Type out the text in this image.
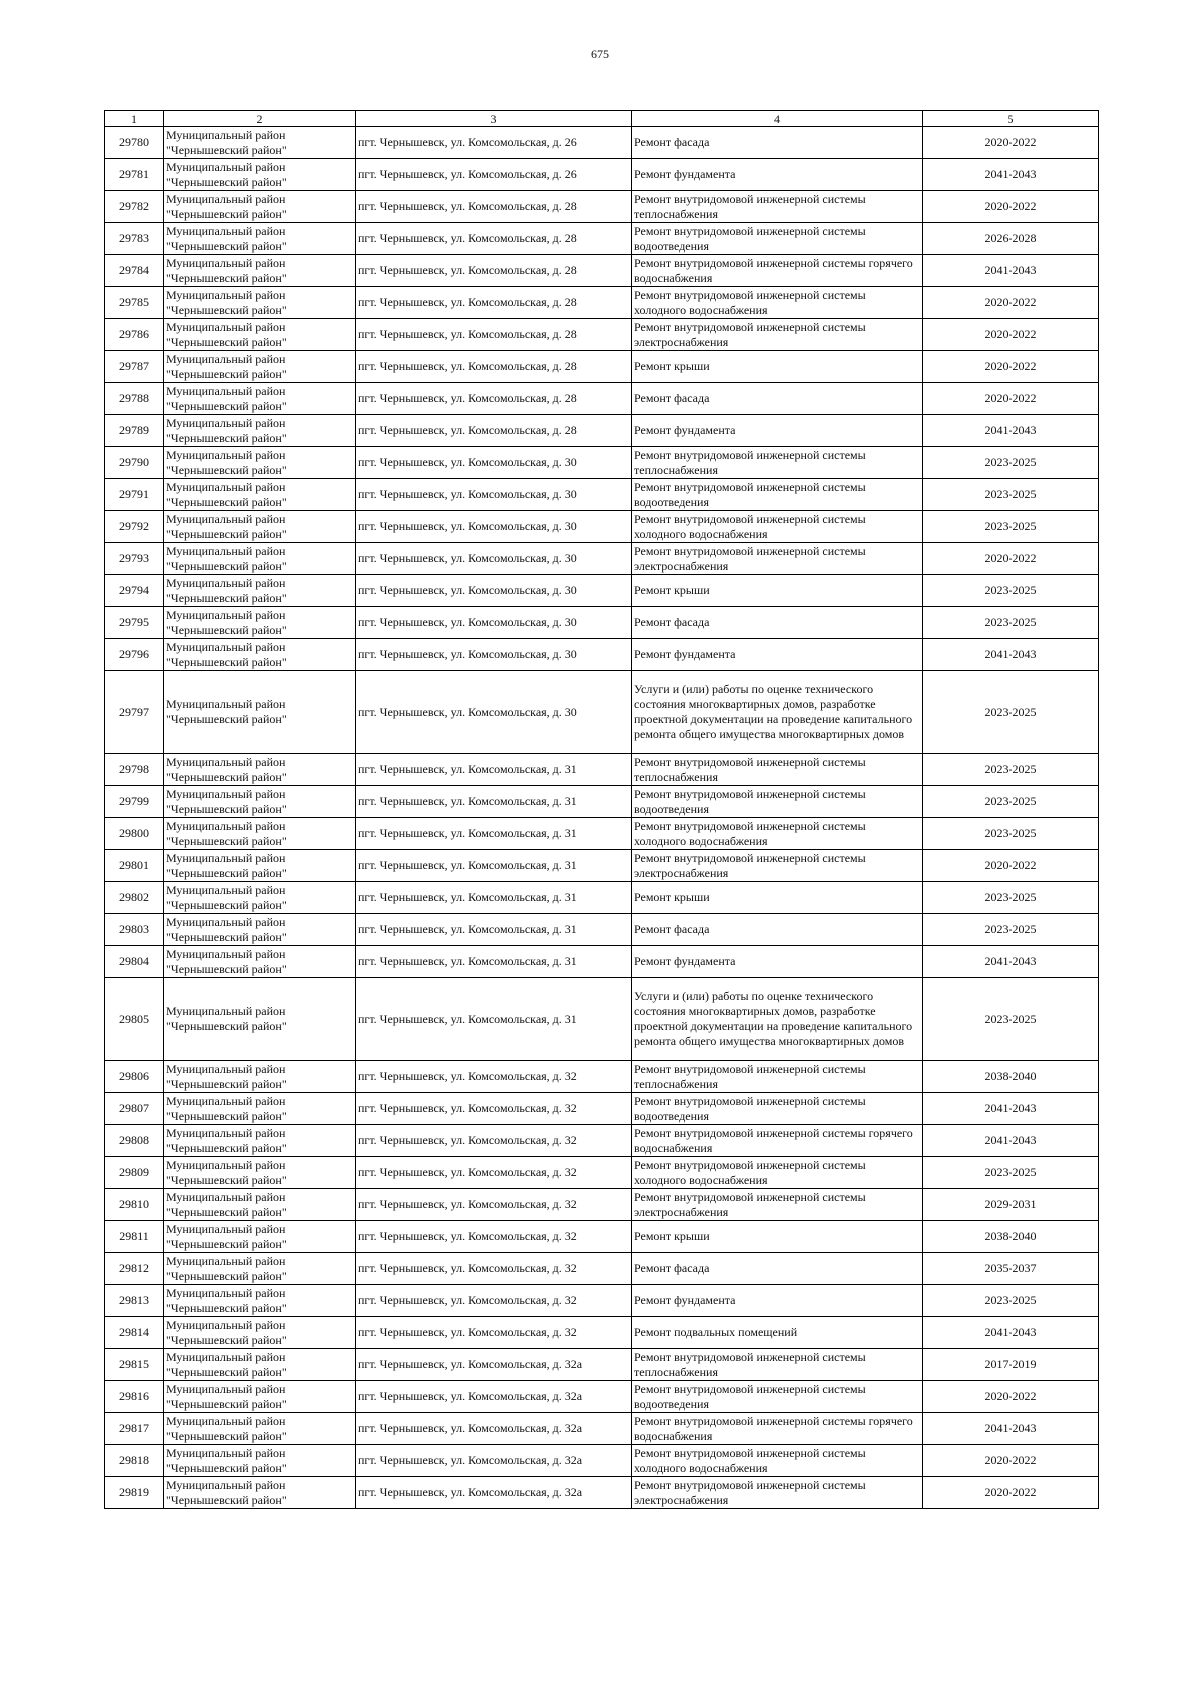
675
1	2	3	4	5
29780	Муниципальный район "Чернышевский район"	пгт. Чернышевск, ул. Комсомольская, д. 26	Ремонт фасада	2020-2022
29781	Муниципальный район "Чернышевский район"	пгт. Чернышевск, ул. Комсомольская, д. 26	Ремонт фундамента	2041-2043
29782	Муниципальный район "Чернышевский район"	пгт. Чернышевск, ул. Комсомольская, д. 28	Ремонт внутридомовой инженерной системы теплоснабжения	2020-2022
29783	Муниципальный район "Чернышевский район"	пгт. Чернышевск, ул. Комсомольская, д. 28	Ремонт внутридомовой инженерной системы водоотведения	2026-2028
29784	Муниципальный район "Чернышевский район"	пгт. Чернышевск, ул. Комсомольская, д. 28	Ремонт внутридомовой инженерной системы горячего водоснабжения	2041-2043
29785	Муниципальный район "Чернышевский район"	пгт. Чернышевск, ул. Комсомольская, д. 28	Ремонт внутридомовой инженерной системы холодного водоснабжения	2020-2022
29786	Муниципальный район "Чернышевский район"	пгт. Чернышевск, ул. Комсомольская, д. 28	Ремонт внутридомовой инженерной системы электроснабжения	2020-2022
29787	Муниципальный район "Чернышевский район"	пгт. Чернышевск, ул. Комсомольская, д. 28	Ремонт крыши	2020-2022
29788	Муниципальный район "Чернышевский район"	пгт. Чернышевск, ул. Комсомольская, д. 28	Ремонт фасада	2020-2022
29789	Муниципальный район "Чернышевский район"	пгт. Чернышевск, ул. Комсомольская, д. 28	Ремонт фундамента	2041-2043
29790	Муниципальный район "Чернышевский район"	пгт. Чернышевск, ул. Комсомольская, д. 30	Ремонт внутридомовой инженерной системы теплоснабжения	2023-2025
29791	Муниципальный район "Чернышевский район"	пгт. Чернышевск, ул. Комсомольская, д. 30	Ремонт внутридомовой инженерной системы водоотведения	2023-2025
29792	Муниципальный район "Чернышевский район"	пгт. Чернышевск, ул. Комсомольская, д. 30	Ремонт внутридомовой инженерной системы холодного водоснабжения	2023-2025
29793	Муниципальный район "Чернышевский район"	пгт. Чернышевск, ул. Комсомольская, д. 30	Ремонт внутридомовой инженерной системы электроснабжения	2020-2022
29794	Муниципальный район "Чернышевский район"	пгт. Чернышевск, ул. Комсомольская, д. 30	Ремонт крыши	2023-2025
29795	Муниципальный район "Чернышевский район"	пгт. Чернышевск, ул. Комсомольская, д. 30	Ремонт фасада	2023-2025
29796	Муниципальный район "Чернышевский район"	пгт. Чернышевск, ул. Комсомольская, д. 30	Ремонт фундамента	2041-2043
29797	Муниципальный район "Чернышевский район"	пгт. Чернышевск, ул. Комсомольская, д. 30	Услуги и (или) работы по оценке технического состояния многоквартирных домов, разработке проектной документации на проведение капитального ремонта общего имущества многоквартирных домов	2023-2025
29798	Муниципальный район "Чернышевский район"	пгт. Чернышевск, ул. Комсомольская, д. 31	Ремонт внутридомовой инженерной системы теплоснабжения	2023-2025
29799	Муниципальный район "Чернышевский район"	пгт. Чернышевск, ул. Комсомольская, д. 31	Ремонт внутридомовой инженерной системы водоотведения	2023-2025
29800	Муниципальный район "Чернышевский район"	пгт. Чернышевск, ул. Комсомольская, д. 31	Ремонт внутридомовой инженерной системы холодного водоснабжения	2023-2025
29801	Муниципальный район "Чернышевский район"	пгт. Чернышевск, ул. Комсомольская, д. 31	Ремонт внутридомовой инженерной системы электроснабжения	2020-2022
29802	Муниципальный район "Чернышевский район"	пгт. Чернышевск, ул. Комсомольская, д. 31	Ремонт крыши	2023-2025
29803	Муниципальный район "Чернышевский район"	пгт. Чернышевск, ул. Комсомольская, д. 31	Ремонт фасада	2023-2025
29804	Муниципальный район "Чернышевский район"	пгт. Чернышевск, ул. Комсомольская, д. 31	Ремонт фундамента	2041-2043
29805	Муниципальный район "Чернышевский район"	пгт. Чернышевск, ул. Комсомольская, д. 31	Услуги и (или) работы по оценке технического состояния многоквартирных домов, разработке проектной документации на проведение капитального ремонта общего имущества многоквартирных домов	2023-2025
29806	Муниципальный район "Чернышевский район"	пгт. Чернышевск, ул. Комсомольская, д. 32	Ремонт внутридомовой инженерной системы теплоснабжения	2038-2040
29807	Муниципальный район "Чернышевский район"	пгт. Чернышевск, ул. Комсомольская, д. 32	Ремонт внутридомовой инженерной системы водоотведения	2041-2043
29808	Муниципальный район "Чернышевский район"	пгт. Чернышевск, ул. Комсомольская, д. 32	Ремонт внутридомовой инженерной системы горячего водоснабжения	2041-2043
29809	Муниципальный район "Чернышевский район"	пгт. Чернышевск, ул. Комсомольская, д. 32	Ремонт внутридомовой инженерной системы холодного водоснабжения	2023-2025
29810	Муниципальный район "Чернышевский район"	пгт. Чернышевск, ул. Комсомольская, д. 32	Ремонт внутридомовой инженерной системы электроснабжения	2029-2031
29811	Муниципальный район "Чернышевский район"	пгт. Чернышевск, ул. Комсомольская, д. 32	Ремонт крыши	2038-2040
29812	Муниципальный район "Чернышевский район"	пгт. Чернышевск, ул. Комсомольская, д. 32	Ремонт фасада	2035-2037
29813	Муниципальный район "Чернышевский район"	пгт. Чернышевск, ул. Комсомольская, д. 32	Ремонт фундамента	2023-2025
29814	Муниципальный район "Чернышевский район"	пгт. Чернышевск, ул. Комсомольская, д. 32	Ремонт подвальных помещений	2041-2043
29815	Муниципальный район "Чернышевский район"	пгт. Чернышевск, ул. Комсомольская, д. 32а	Ремонт внутридомовой инженерной системы теплоснабжения	2017-2019
29816	Муниципальный район "Чернышевский район"	пгт. Чернышевск, ул. Комсомольская, д. 32а	Ремонт внутридомовой инженерной системы водоотведения	2020-2022
29817	Муниципальный район "Чернышевский район"	пгт. Чернышевск, ул. Комсомольская, д. 32а	Ремонт внутридомовой инженерной системы горячего водоснабжения	2041-2043
29818	Муниципальный район "Чернышевский район"	пгт. Чернышевск, ул. Комсомольская, д. 32а	Ремонт внутридомовой инженерной системы холодного водоснабжения	2020-2022
29819	Муниципальный район "Чернышевский район"	пгт. Чернышевск, ул. Комсомольская, д. 32а	Ремонт внутридомовой инженерной системы электроснабжения	2020-2022
